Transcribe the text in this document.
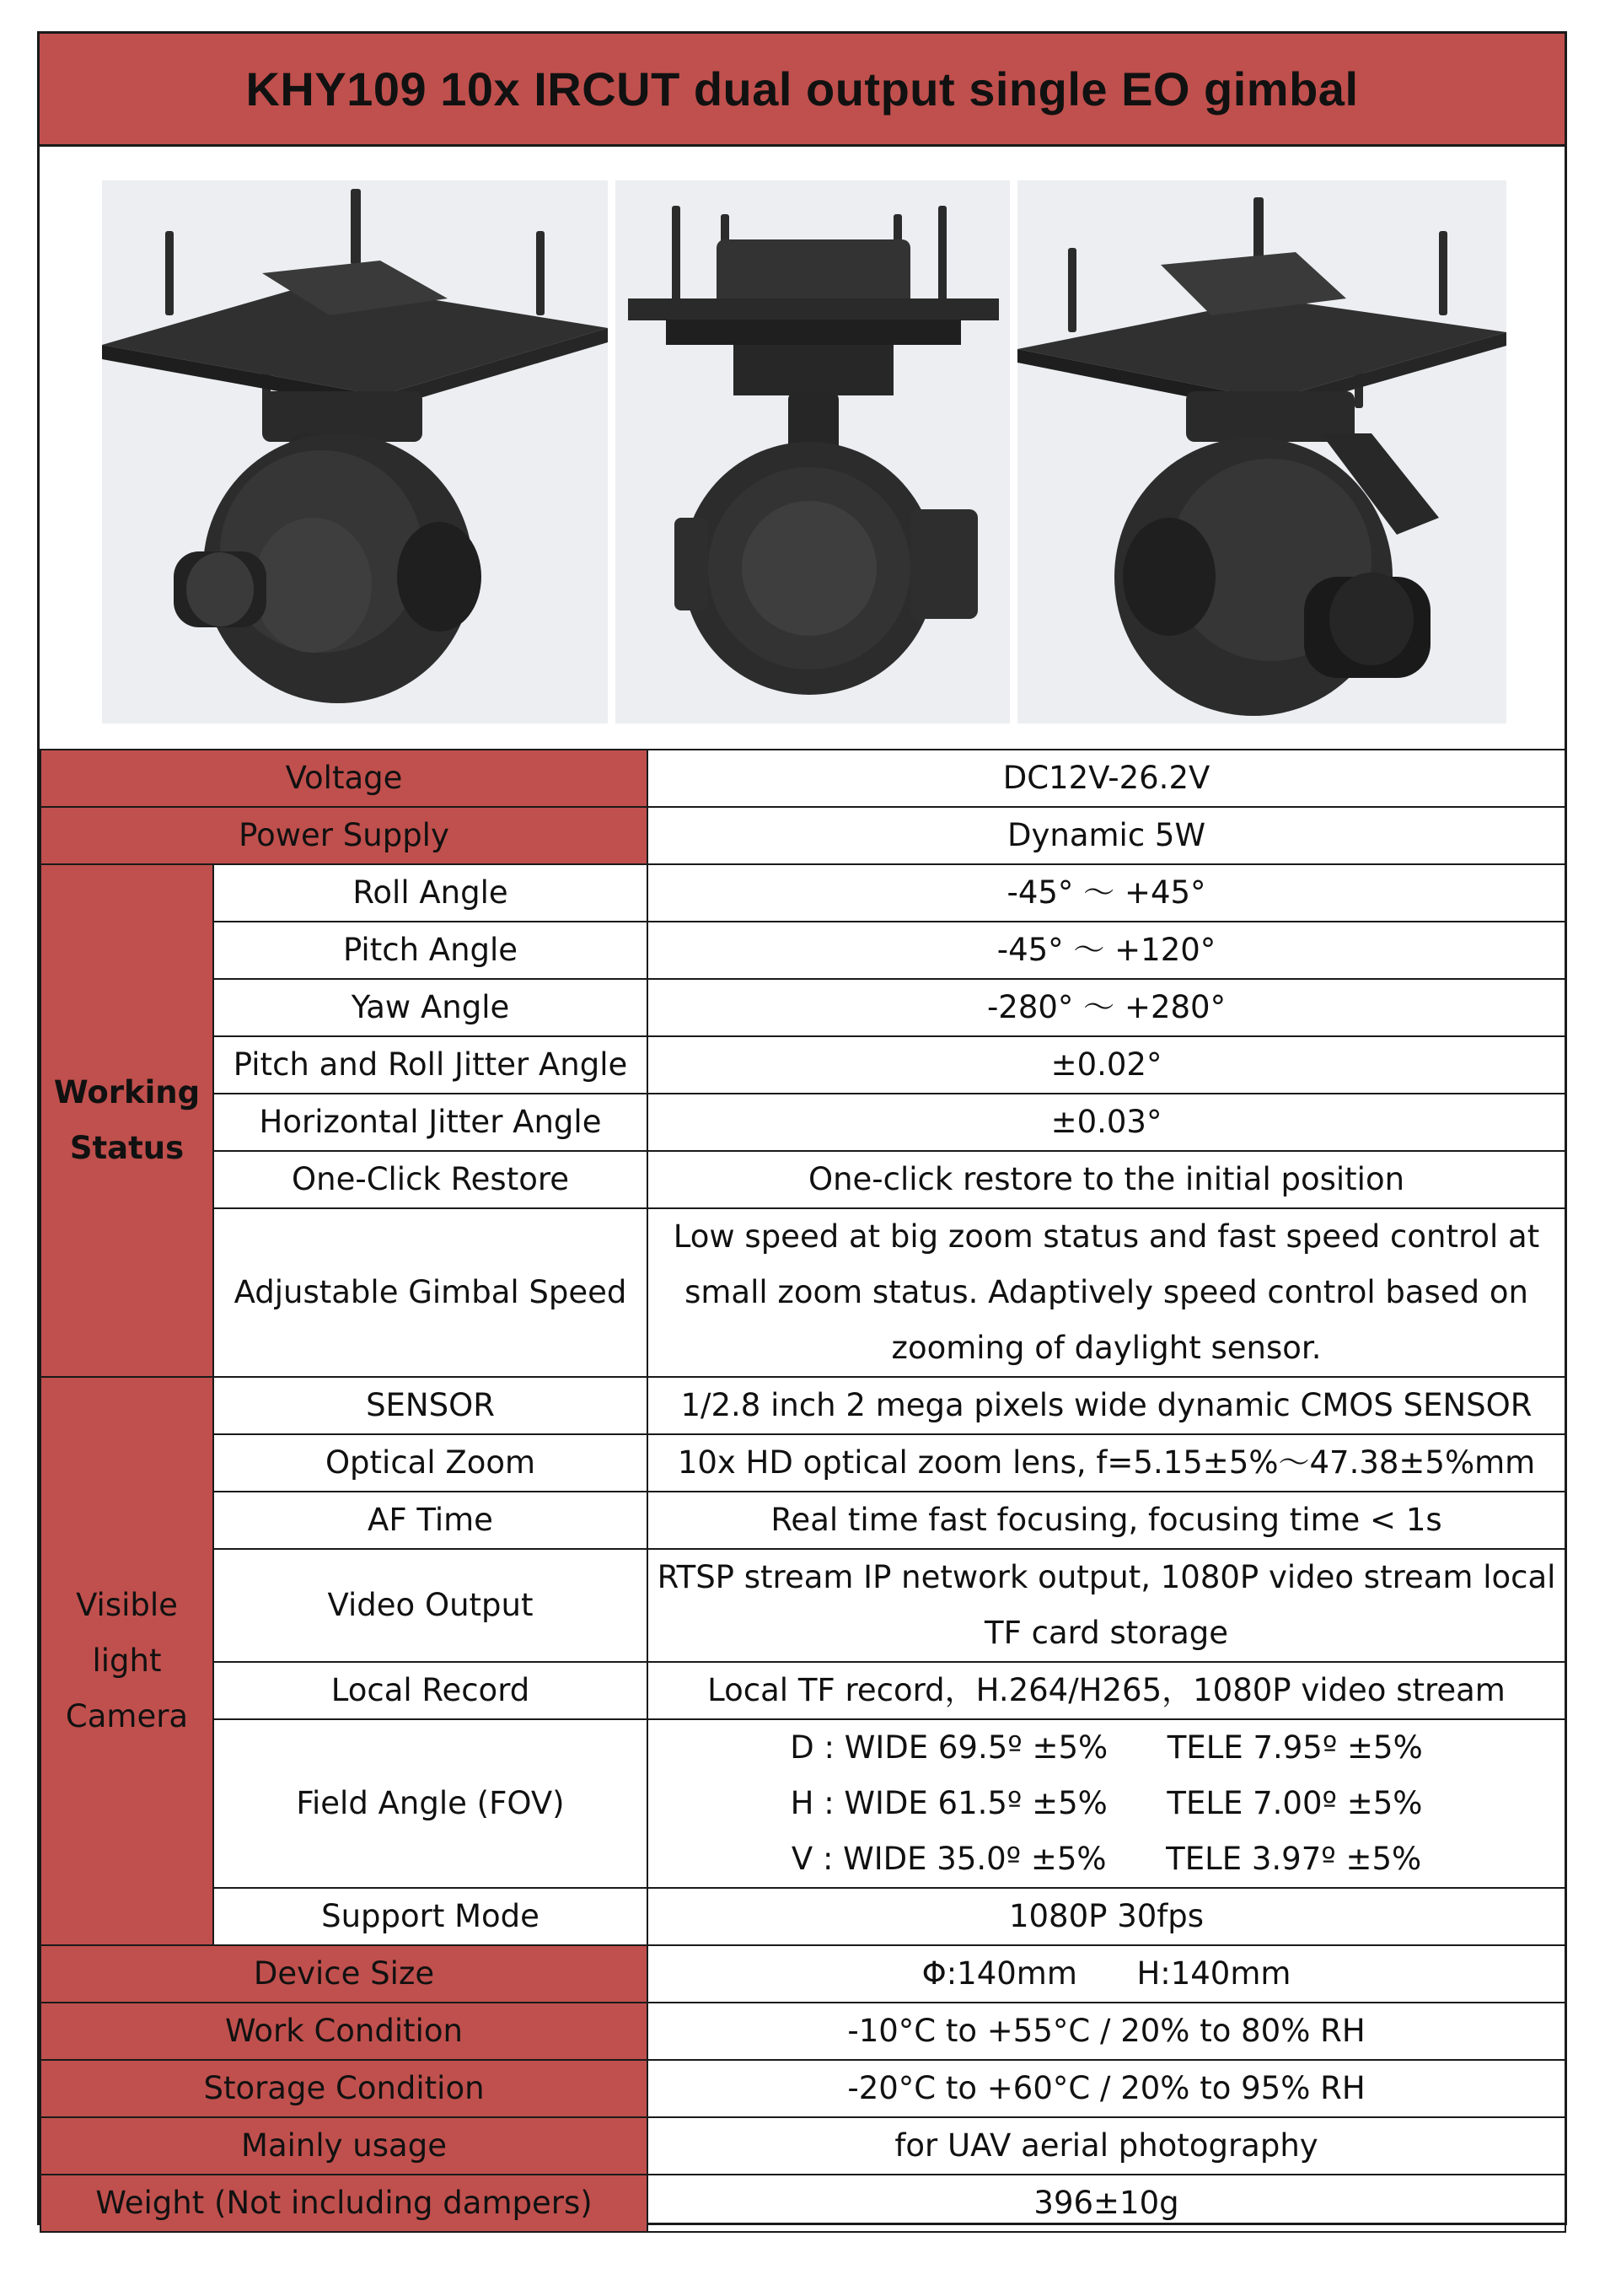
KHY109 10x IRCUT dual output single EO gimbal
Voltage		DC12V-26.2V
Power Supply		Dynamic 5W

Working
Status	Roll Angle	-45° ～ +45°
	Pitch Angle	-45° ～ +120°
	Yaw Angle	-280° ～ +280°
	Pitch and Roll Jitter Angle	±0.02°
	Horizontal Jitter Angle	±0.03°
	One-Click Restore	One-click restore to the initial position
	Adjustable Gimbal Speed	Low speed at big zoom status and fast speed control at
small zoom status. Adaptively speed control based on
zooming of daylight sensor.

Visible
light
Camera	SENSOR	1/2.8 inch 2 mega pixels wide dynamic CMOS SENSOR
	Optical Zoom	10x HD optical zoom lens, f=5.15±5%～47.38±5%mm
	AF Time	Real time fast focusing, focusing time < 1s
	Video Output	RTSP stream IP network output, 1080P video stream local
TF card storage

	Local Record	Local TF record，H.264/H265，1080P video stream
	Field Angle (FOV)	D : WIDE 69.5º ±5%      TELE 7.95º ±5%
H : WIDE 61.5º ±5%      TELE 7.00º ±5%
V : WIDE 35.0º ±5%      TELE 3.97º ±5%

	Support Mode	1080P 30fps
Device Size		Φ:140mm      H:140mm
Work Condition		-10°C to +55°C / 20% to 80% RH
Storage Condition		-20°C to +60°C / 20% to 95% RH
Mainly usage		for UAV aerial photography
Weight (Not including dampers)		396±10g
